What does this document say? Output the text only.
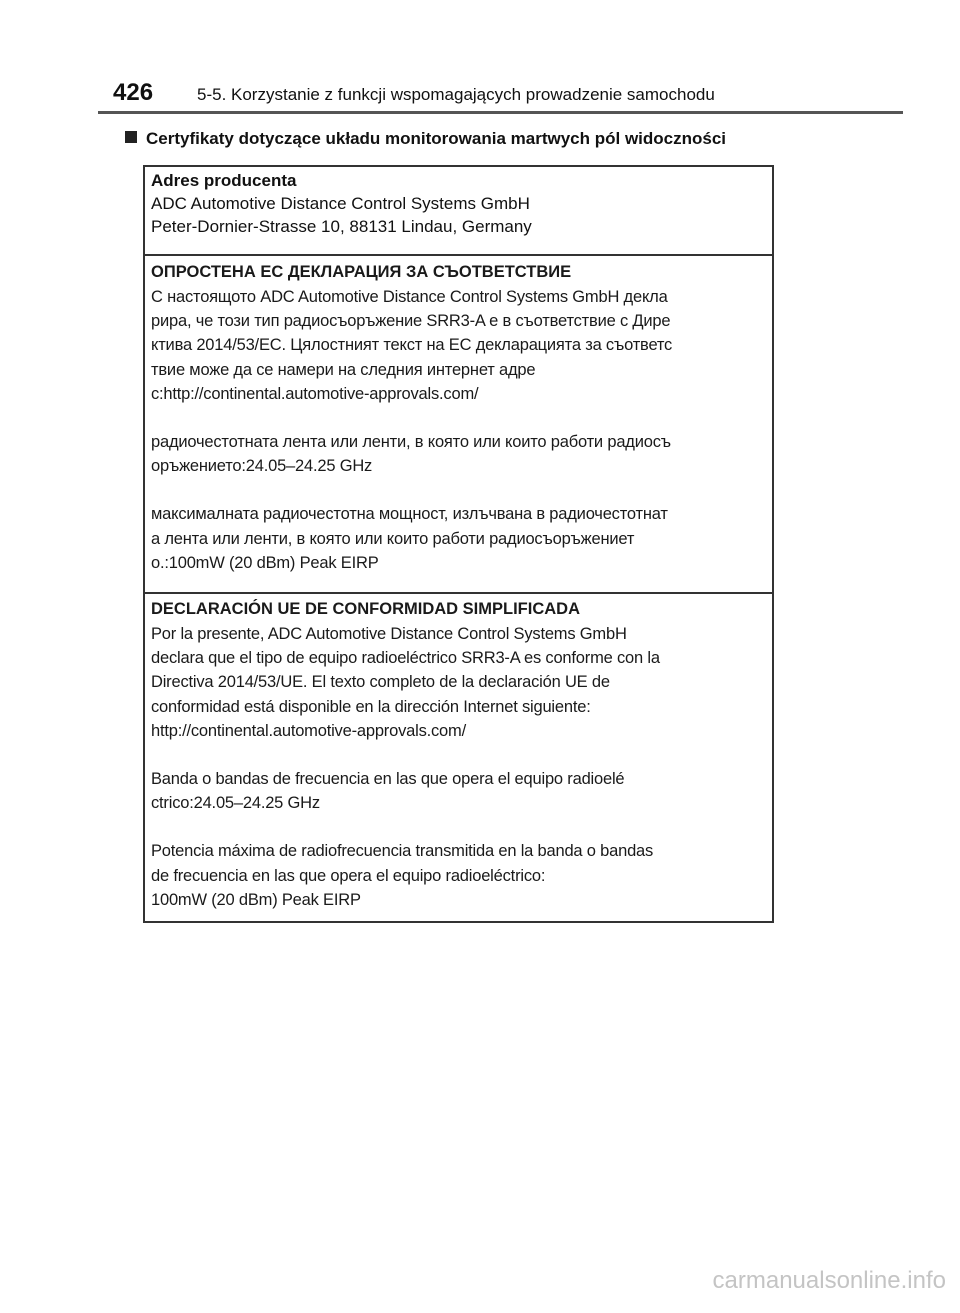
426	5-5. Korzystanie z funkcji wspomagających prowadzenie samochodu
Certyfikaty dotyczące układu monitorowania martwych pól widoczności
Adres producenta
ADC Automotive Distance Control Systems GmbH
Peter-Dornier-Strasse 10, 88131 Lindau, Germany
ОПРОСТЕНА ЕС ДЕКЛАРАЦИЯ ЗА СЪОТВЕТСТВИЕ
С настоящото ADC Automotive Distance Control Systems GmbH декла
рира, че този тип радиосъоръжение SRR3-A е в съответствие с Дире
ктива 2014/53/ЕС. Цялостният текст на ЕС декларацията за съответс
твие може да се намери на следния интернет адре
с:http://continental.automotive-approvals.com/
радиочестотната лента или ленти, в която или които работи радиосъ
оръжението:24.05–24.25 GHz
максималната радиочестотна мощност, излъчвана в радиочестотнат
а лента или ленти, в която или които работи радиосъоръжениет
о.:100mW (20 dBm) Peak EIRP
DECLARACIÓN UE DE CONFORMIDAD SIMPLIFICADA
Por la presente, ADC Automotive Distance Control Systems GmbH
declara que el tipo de equipo radioeléctrico SRR3-A es conforme con la
Directiva 2014/53/UE. El texto completo de la declaración UE de
conformidad está disponible en la dirección Internet siguiente:
http://continental.automotive-approvals.com/
Banda o bandas de frecuencia en las que opera el equipo radioelé
ctrico:24.05–24.25 GHz
Potencia máxima de radiofrecuencia transmitida en la banda o bandas
de frecuencia en las que opera el equipo radioeléctrico:
100mW (20 dBm) Peak EIRP
carmanualsonline.info
